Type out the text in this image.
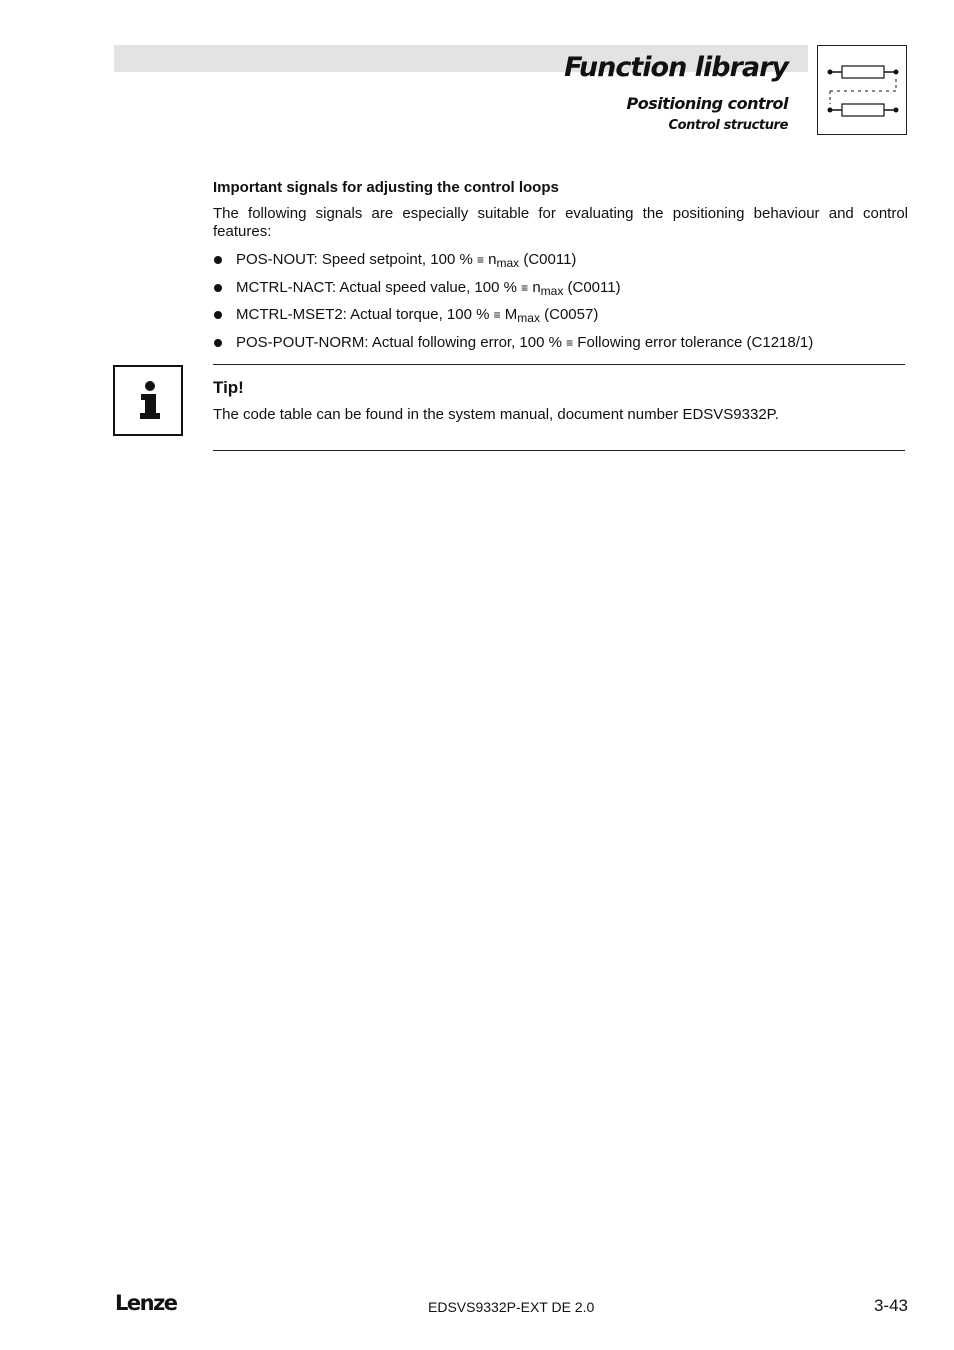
Function library
Positioning control
Control structure
Important signals for adjusting the control loops
The following signals are especially suitable for evaluating the positioning behaviour and control features:
POS-NOUT: Speed setpoint, 100 % ≡ $n_{max}$ (C0011)
MCTRL-NACT: Actual speed value, 100 % ≡ $n_{max}$ (C0011)
MCTRL-MSET2: Actual torque, 100 % ≡ $M_{max}$ (C0057)
POS-POUT-NORM: Actual following error, 100 % ≡ Following error tolerance (C1218/1)
Tip!
The code table can be found in the system manual, document number EDSVS9332P.
Lenze	EDSVS9332P-EXT DE 2.0	3-43
